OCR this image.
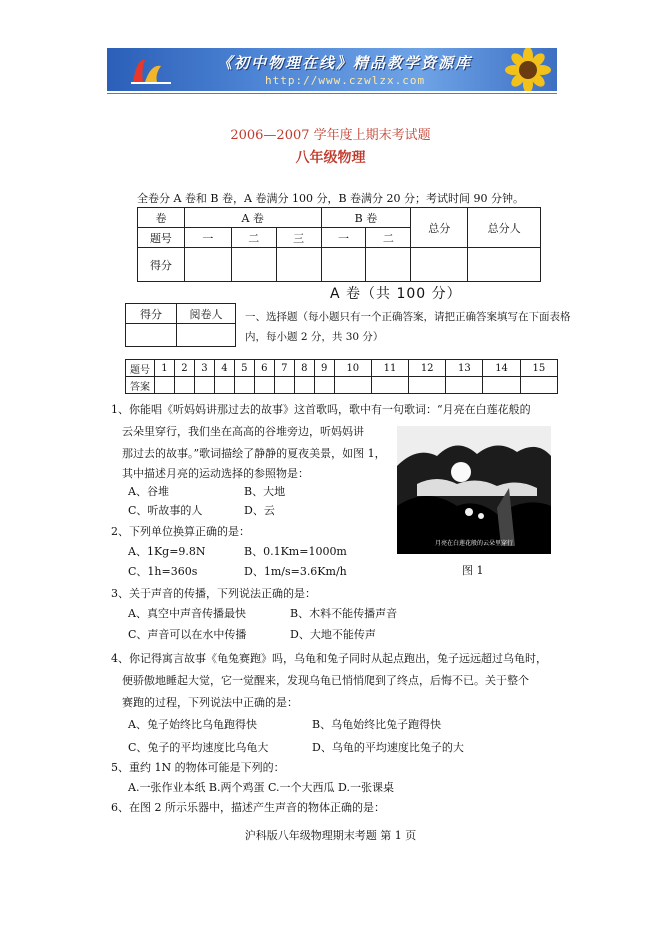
《初中物理在线》精品教学资源库
http://www.czwlzx.com
2006—2007 学年度上期末考试题
八年级物理
全卷分 A 卷和 B 卷，A 卷满分 100 分，B 卷满分 20 分；考试时间 90 分钟。
卷	A 卷			B 卷		总分	总分人
题号	一	二	三	一	二		
得分							
A 卷（共 100 分）
得分	阅卷人
	一、选择题（每小题只有一个正确答案，请把正确答案填写在下面表格内，每小题 2 分，共 30 分）
题号	1	2	3	4	5	6	7	8	9	10	11	12	13	14	15
答案															
1、你能唱《听妈妈讲那过去的故事》这首歌吗，歌中有一句歌词：“月亮在白莲花般的
云朵里穿行，我们坐在高高的谷堆旁边，听妈妈讲
那过去的故事。”歌词描绘了静静的夏夜美景，如图 1，
其中描述月亮的运动选择的参照物是：
A、谷堆	B、大地
C、听故事的人	D、云
月亮在白莲花般的云朵里穿行
图 1
2、下列单位换算正确的是：
A、1Kg=9.8N	B、0.1Km=1000m
C、1h=360s	D、1m/s=3.6Km/h
3、关于声音的传播，下列说法正确的是：
A、真空中声音传播最快	B、木料不能传播声音
C、声音可以在水中传播	D、大地不能传声
4、你记得寓言故事《龟兔赛跑》吗，乌龟和兔子同时从起点跑出，兔子远远超过乌龟时，
便骄傲地睡起大觉，它一觉醒来，发现乌龟已悄悄爬到了终点，后悔不已。关于整个
赛跑的过程，下列说法中正确的是：
A、兔子始终比乌龟跑得快	B、乌龟始终比兔子跑得快
C、兔子的平均速度比乌龟大	D、乌龟的平均速度比兔子的大
5、重约 1N 的物体可能是下列的：
A.一张作业本纸 B.两个鸡蛋 C.一个大西瓜 D.一张课桌
6、在图 2 所示乐器中，描述产生声音的物体正确的是：
沪科版八年级物理期末考题 第 1 页
